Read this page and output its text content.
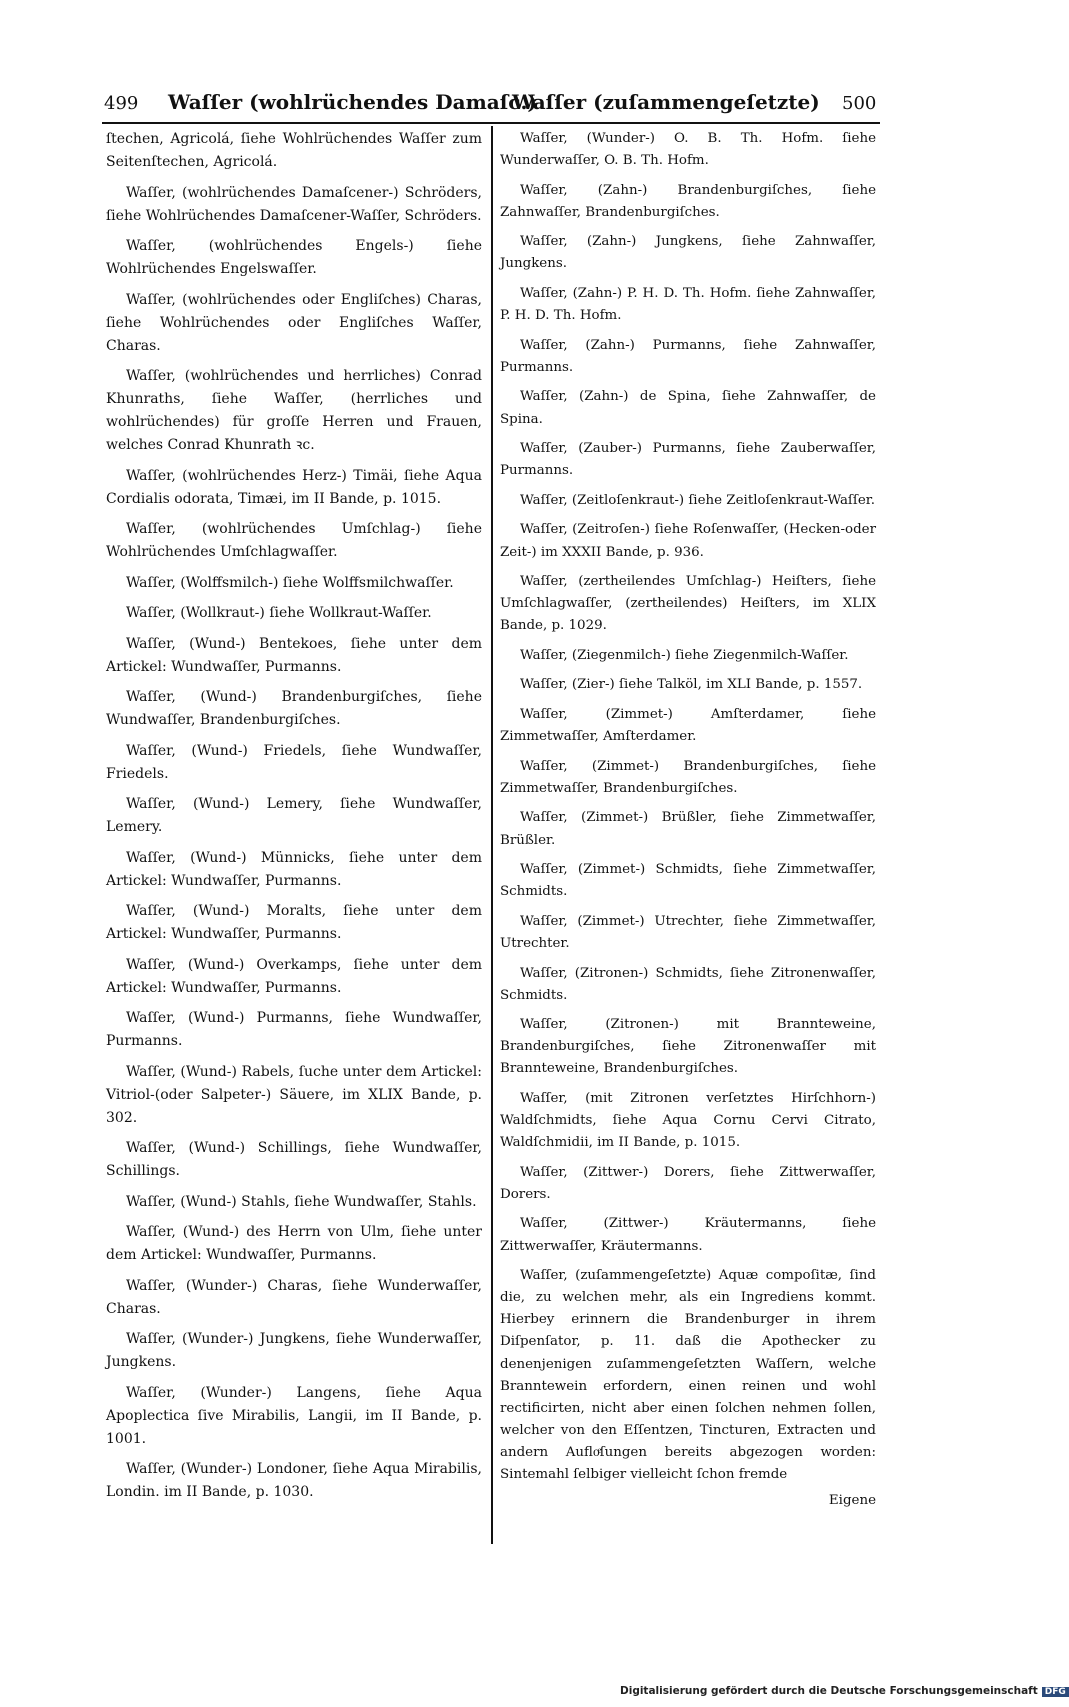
499 Waſſer (wohlrüchendes Damaſc.)
Waſſer (zuſammengeſetzte) 500
ſtechen, Agricolá, ſiehe Wohlrüchendes Waſſer zum Seitenſtechen, Agricolá.
Waſſer, (wohlrüchendes Damaſcener-) Schröders, ſiehe Wohlrüchendes Damaſcener-Waſſer, Schröders.
Waſſer, (wohlrüchendes Engels-) ſiehe Wohlrüchendes Engelswaſſer.
Waſſer, (wohlrüchendes oder Engliſches) Charas, ſiehe Wohlrüchendes oder Engliſches Waſſer, Charas.
Waſſer, (wohlrüchendes und herrliches) Conrad Khunraths, ſiehe Waſſer, (herrliches und wohlrüchendes) für groſſe Herren und Frauen, welches Conrad Khunrath ꝛc.
Waſſer, (wohlrüchendes Herz-) Timäi, ſiehe Aqua Cordialis odorata, Timæi, im II Bande, p. 1015.
Waſſer, (wohlrüchendes Umſchlag-) ſiehe Wohlrüchendes Umſchlagwaſſer.
Waſſer, (Wolffsmilch-) ſiehe Wolffsmilchwaſſer.
Waſſer, (Wollkraut-) ſiehe Wollkraut-Waſſer.
Waſſer, (Wund-) Bentekoes, ſiehe unter dem Artickel: Wundwaſſer, Purmanns.
Waſſer, (Wund-) Brandenburgiſches, ſiehe Wundwaſſer, Brandenburgiſches.
Waſſer, (Wund-) Friedels, ſiehe Wundwaſſer, Friedels.
Waſſer, (Wund-) Lemery, ſiehe Wundwaſſer, Lemery.
Waſſer, (Wund-) Münnicks, ſiehe unter dem Artickel: Wundwaſſer, Purmanns.
Waſſer, (Wund-) Moralts, ſiehe unter dem Artickel: Wundwaſſer, Purmanns.
Waſſer, (Wund-) Overkamps, ſiehe unter dem Artickel: Wundwaſſer, Purmanns.
Waſſer, (Wund-) Purmanns, ſiehe Wundwaſſer, Purmanns.
Waſſer, (Wund-) Rabels, ſuche unter dem Artickel: Vitriol-(oder Salpeter-) Säuere, im XLIX Bande, p. 302.
Waſſer, (Wund-) Schillings, ſiehe Wundwaſſer, Schillings.
Waſſer, (Wund-) Stahls, ſiehe Wundwaſſer, Stahls.
Waſſer, (Wund-) des Herrn von Ulm, ſiehe unter dem Artickel: Wundwaſſer, Purmanns.
Waſſer, (Wunder-) Charas, ſiehe Wunderwaſſer, Charas.
Waſſer, (Wunder-) Jungkens, ſiehe Wunderwaſſer, Jungkens.
Waſſer, (Wunder-) Langens, ſiehe Aqua Apoplectica ſive Mirabilis, Langii, im II Bande, p. 1001.
Waſſer, (Wunder-) Londoner, ſiehe Aqua Mirabilis, Londin. im II Bande, p. 1030.
Waſſer, (Wunder-) O. B. Th. Hofm. ſiehe Wunderwaſſer, O. B. Th. Hofm.
Waſſer, (Zahn-) Brandenburgiſches, ſiehe Zahnwaſſer, Brandenburgiſches.
Waſſer, (Zahn-) Jungkens, ſiehe Zahnwaſſer, Jungkens.
Waſſer, (Zahn-) P. H. D. Th. Hofm. ſiehe Zahnwaſſer, P. H. D. Th. Hofm.
Waſſer, (Zahn-) Purmanns, ſiehe Zahnwaſſer, Purmanns.
Waſſer, (Zahn-) de Spina, ſiehe Zahnwaſſer, de Spina.
Waſſer, (Zauber-) Purmanns, ſiehe Zauberwaſſer, Purmanns.
Waſſer, (Zeitloſenkraut-) ſiehe Zeitloſenkraut-Waſſer.
Waſſer, (Zeitroſen-) ſiehe Roſenwaſſer, (Hecken-oder Zeit-) im XXXII Bande, p. 936.
Waſſer, (zertheilendes Umſchlag-) Heiſters, ſiehe Umſchlagwaſſer, (zertheilendes) Heiſters, im XLIX Bande, p. 1029.
Waſſer, (Ziegenmilch-) ſiehe Ziegenmilch-Waſſer.
Waſſer, (Zier-) ſiehe Talköl, im XLI Bande, p. 1557.
Waſſer, (Zimmet-) Amſterdamer, ſiehe Zimmetwaſſer, Amſterdamer.
Waſſer, (Zimmet-) Brandenburgiſches, ſiehe Zimmetwaſſer, Brandenburgiſches.
Waſſer, (Zimmet-) Brüßler, ſiehe Zimmetwaſſer, Brüßler.
Waſſer, (Zimmet-) Schmidts, ſiehe Zimmetwaſſer, Schmidts.
Waſſer, (Zimmet-) Utrechter, ſiehe Zimmetwaſſer, Utrechter.
Waſſer, (Zitronen-) Schmidts, ſiehe Zitronenwaſſer, Schmidts.
Waſſer, (Zitronen-) mit Brannteweine, Brandenburgiſches, ſiehe Zitronenwaſſer mit Brannteweine, Brandenburgiſches.
Waſſer, (mit Zitronen verſetztes Hirſchhorn-) Waldſchmidts, ſiehe Aqua Cornu Cervi Citrato, Waldſchmidii, im II Bande, p. 1015.
Waſſer, (Zittwer-) Dorers, ſiehe Zittwerwaſſer, Dorers.
Waſſer, (Zittwer-) Kräutermanns, ſiehe Zittwerwaſſer, Kräutermanns.
Waſſer, (zuſammengeſetzte) Aquæ compoſitæ, ſind die, zu welchen mehr, als ein Ingrediens kommt. Hierbey erinnern die Brandenburger in ihrem Diſpenſator, p. 11. daß die Apothecker zu denenjenigen zuſammengeſetzten Waſſern, welche Branntewein erfordern, einen reinen und wohl rectificirten, nicht aber einen ſolchen nehmen ſollen, welcher von den Eſſentzen, Tincturen, Extracten und andern Aufloͤſungen bereits abgezogen worden: Sintemahl ſelbiger vielleicht ſchon fremde
Eigene
Digitalisierung gefördert durch die Deutsche Forschungsgemeinschaft DFG
